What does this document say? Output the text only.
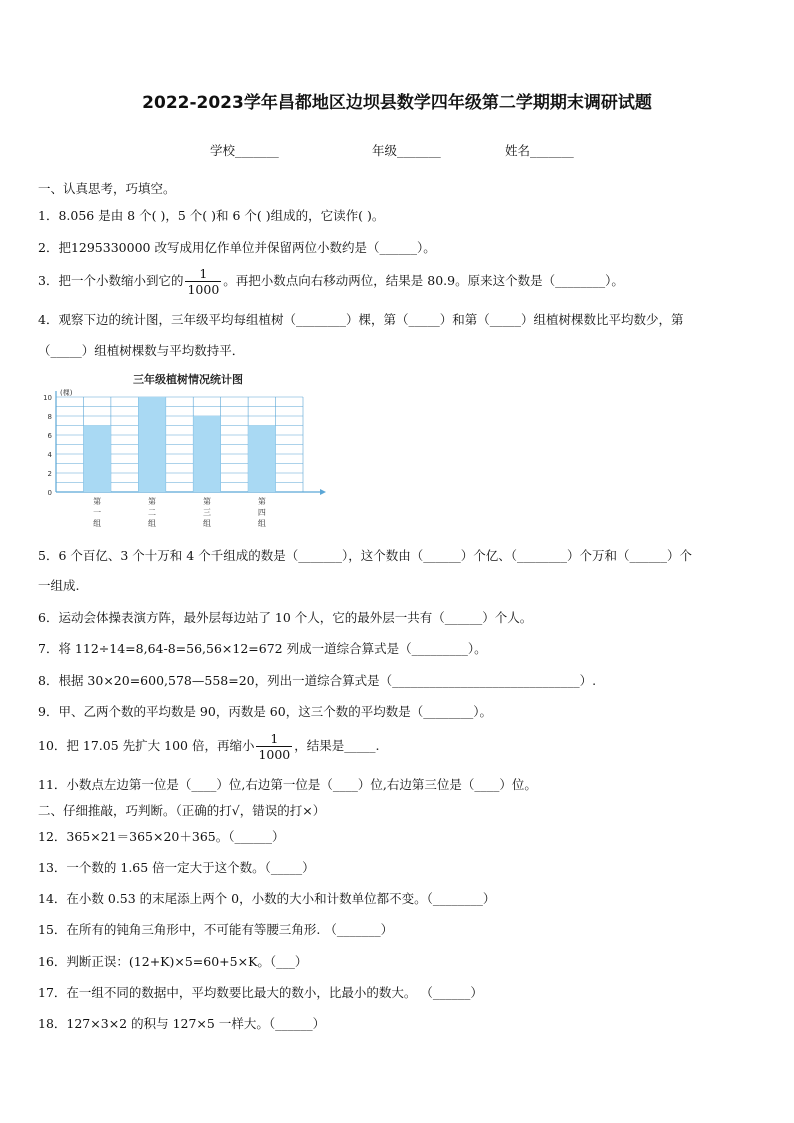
2022-2023学年昌都地区边坝县数学四年级第二学期期末调研试题
学校_______	年级_______	姓名_______
一、认真思考，巧填空。
1．8.056 是由 8 个( )，5 个( )和 6 个( )组成的，它读作( )。
2．把1295330000 改写成用亿作单位并保留两位小数约是（______）。
3．把一个小数缩小到它的 $\frac{1}{1000}$ 。再把小数点向右移动两位，结果是 80.9。原来这个数是（________）。
4．观察下边的统计图，三年级平均每组植树（________）棵，第（_____）和第（_____）组植树棵数比平均数少，第
（_____）组植树棵数与平均数持平．
三年级植树情况统计图
(棵)
0
2
4
6
8
10
第
一
组
第
二
组
第
三
组
第
四
组
5．6 个百亿、3 个十万和 4 个千组成的数是（_______），这个数由（______）个亿、（________）个万和（______）个
一组成.
6．运动会体操表演方阵，最外层每边站了 10 个人，它的最外层一共有（______）个人。
7．将 112÷14=8,64-8=56,56×12=672 列成一道综合算式是（_________）。
8．根据 30×20=600,578—558=20，列出一道综合算式是（______________________________）.
9．甲、乙两个数的平均数是 90，丙数是 60，这三个数的平均数是（________）。
10．把 17.05 先扩大 100 倍，再缩小 $\frac{1}{1000}$ ，结果是_____.
11．小数点左边第一位是（____）位,右边第一位是（____）位,右边第三位是（____）位。
二、仔细推敲，巧判断。（正确的打√，错误的打×）
12．365×21＝365×20＋365。（______）
13．一个数的 1.65 倍一定大于这个数。（_____）
14．在小数 0.53 的末尾添上两个 0，小数的大小和计数单位都不变。（________）
15．在所有的钝角三角形中，不可能有等腰三角形. （_______）
16．判断正误：(12+K)×5=60+5×K。（___）
17．在一组不同的数据中，平均数要比最大的数小，比最小的数大。 （______）
18．127×3×2 的积与 127×5 一样大。（______）
